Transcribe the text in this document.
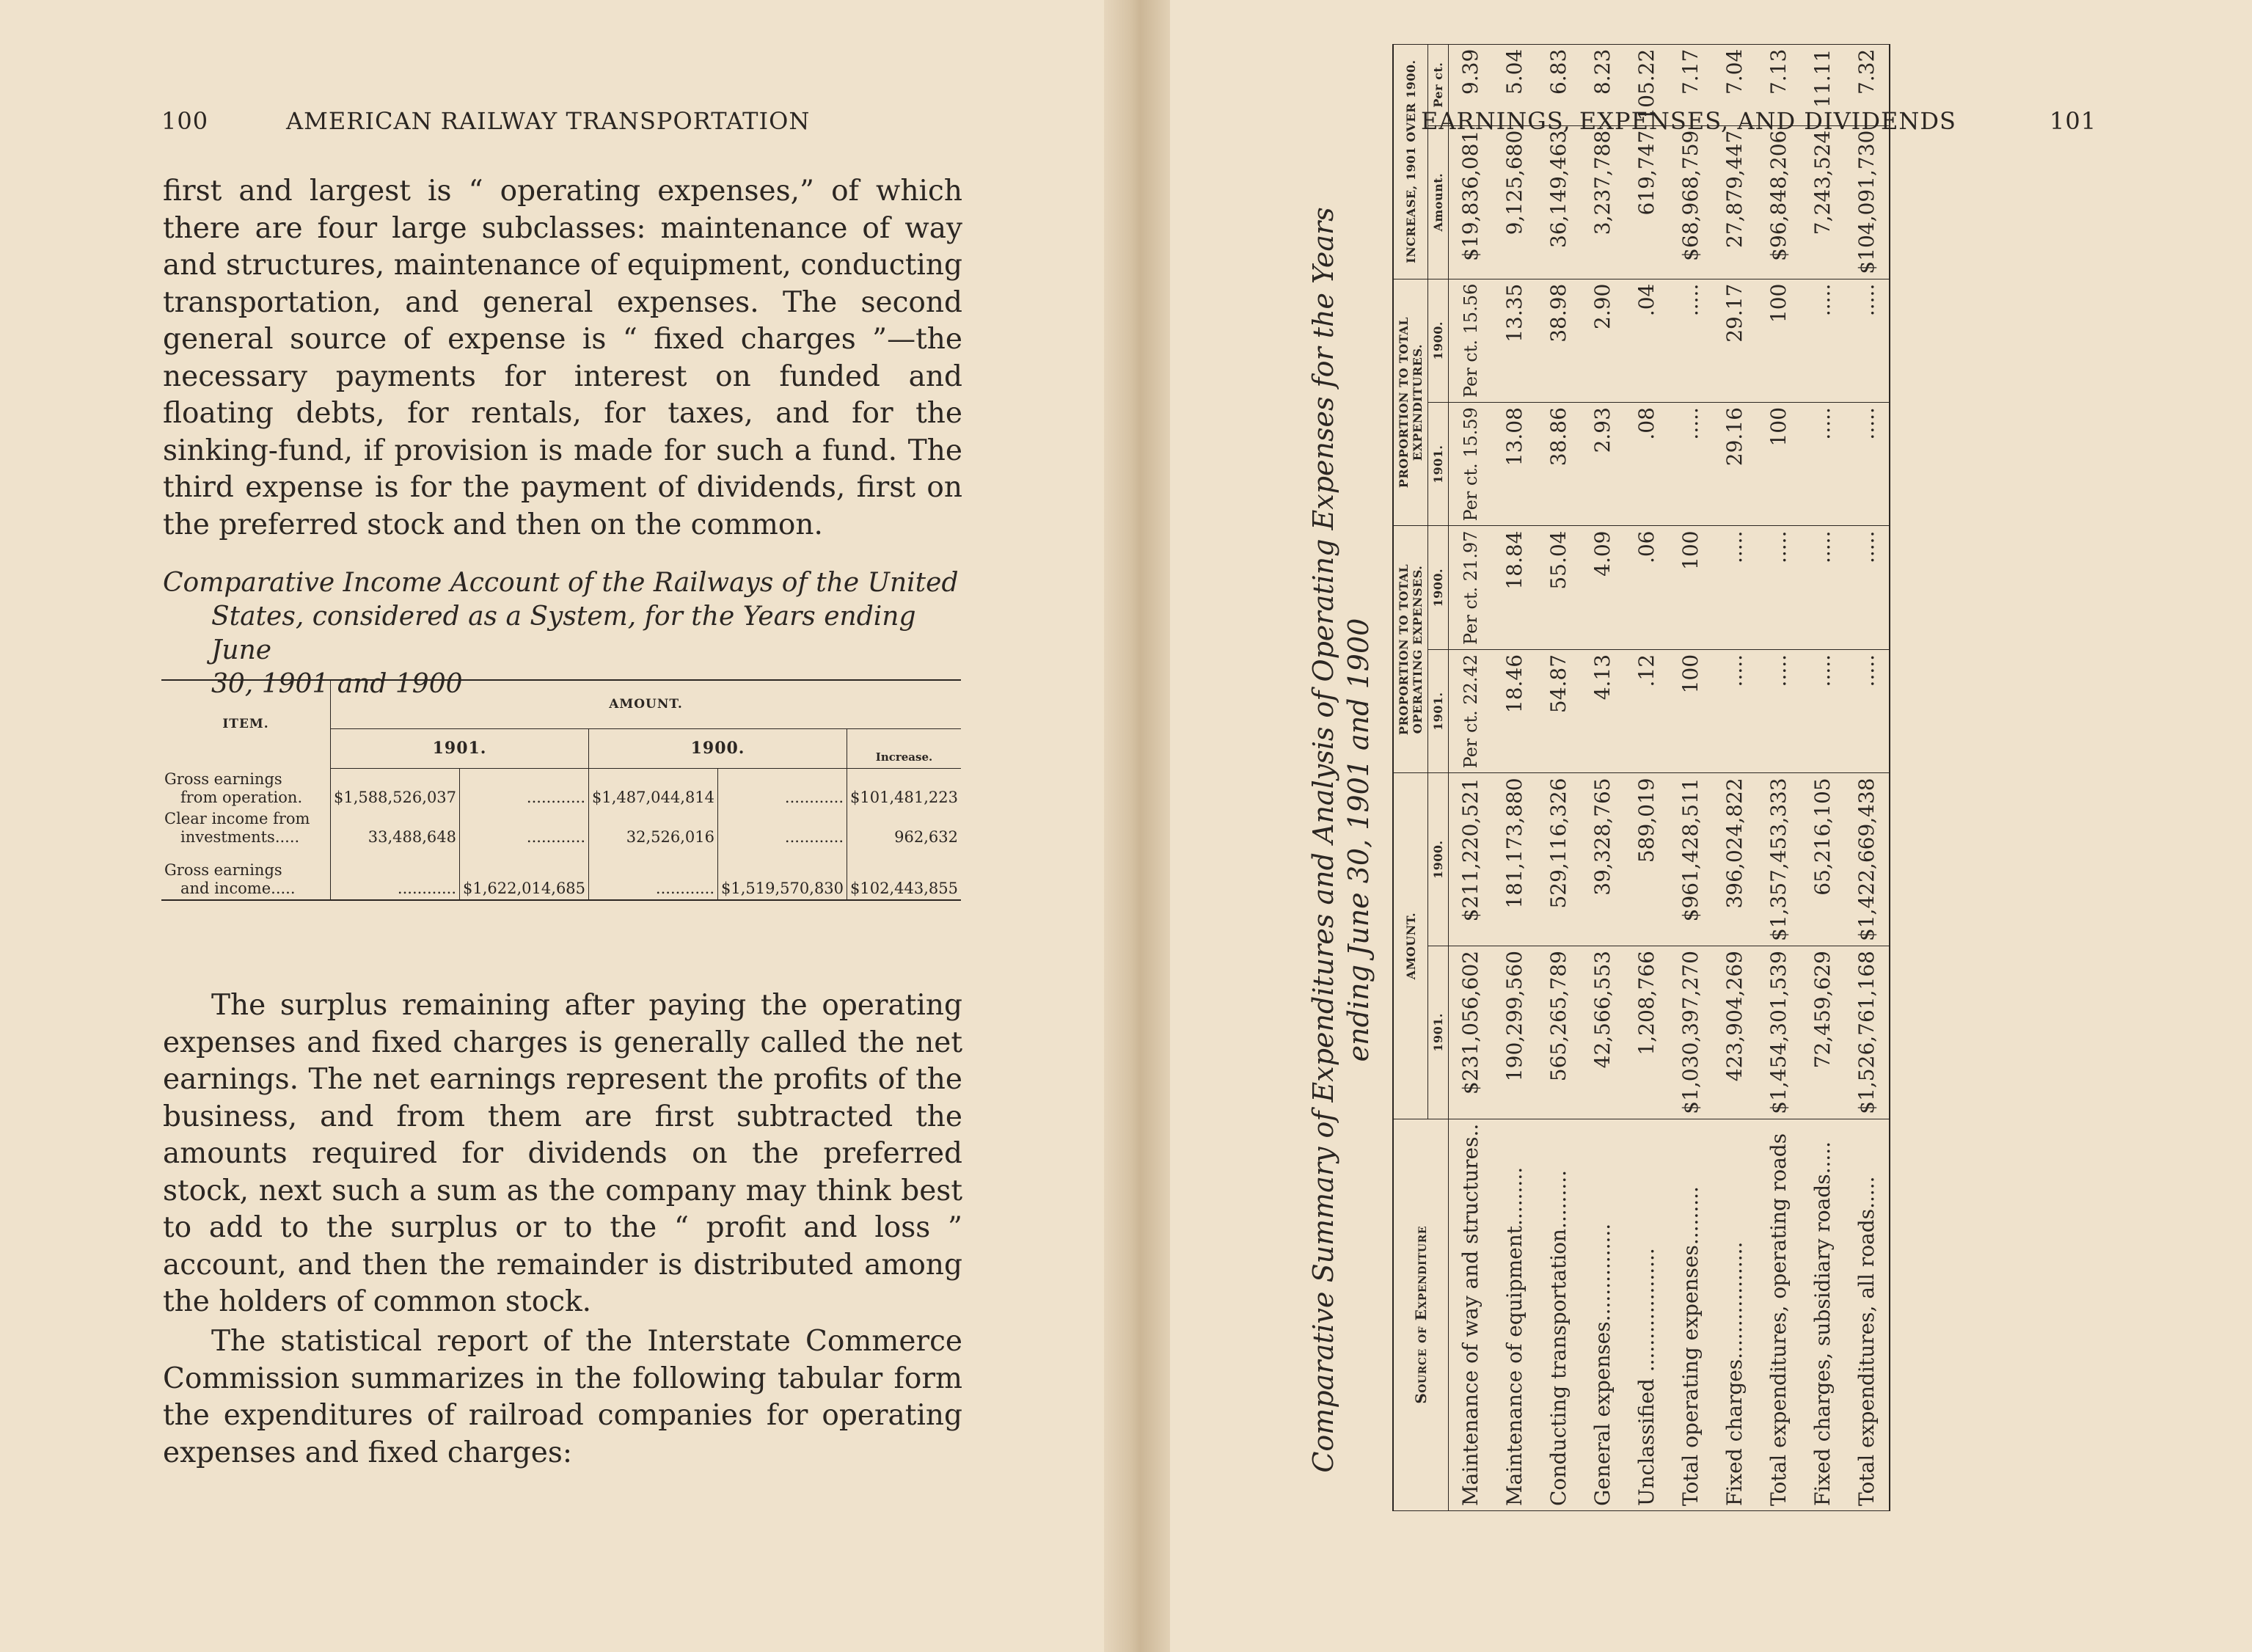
100	AMERICAN RAILWAY TRANSPORTATION
first and largest is “ operating expenses,” of which there are four large subclasses: maintenance of way and structures, maintenance of equipment, conducting transportation, and general expenses. The second general source of expense is “ fixed charges ”—the necessary payments for interest on funded and floating debts, for rentals, for taxes, and for the sinking-fund, if provision is made for such a fund. The third expense is for the payment of dividends, first on the preferred stock and then on the common.
Comparative Income Account of the Railways of the United
States, considered as a System, for the Years ending June
30, 1901 and 1900
ITEM.	AMOUNT.				
	1901.		1900.		Increase.
Gross earnings
from operation.	$1,588,526,037	............	$1,487,044,814	............	$101,481,223
Clear income from
investments.....	33,488,648	............	32,526,016	............	962,632
Gross earnings
and income.....	............	$1,622,014,685	............	$1,519,570,830	$102,443,855
The surplus remaining after paying the operating expenses and fixed charges is generally called the net earnings. The net earnings represent the profits of the business, and from them are first subtracted the amounts required for dividends on the preferred stock, next such a sum as the company may think best to add to the surplus or to the “ profit and loss ” account, and then the remainder is distributed among the holders of common stock.
The statistical report of the Interstate Commerce Commission summarizes in the following tabular form the expenditures of railroad companies for operating expenses and fixed charges:
EARNINGS, EXPENSES, AND DIVIDENDS	101
Comparative Summary of Expenditures and Analysis of Operating Expenses for the Years ending June 30, 1901 and 1900
Source of Expenditure	AMOUNT.		PROPORTION TO TOTAL OPERATING EXPENSES.		PROPORTION TO TOTAL EXPENDITURES.		INCREASE, 1901 OVER 1900.	
	1901.	1900.	1901.	1900.	1901.	1900.	Amount.	Per ct.
Maintenance of way and structures..	$231,056,602	$211,220,521	Per ct. 22.42	Per ct. 21.97	Per ct. 15.59	Per ct. 15.56	$19,836,081	9.39
Maintenance of equipment.........	190,299,560	181,173,880	18.46	18.84	13.08	13.35	9,125,680	5.04
Conducting transportation.........	565,265,789	529,116,326	54.87	55.04	38.86	38.98	36,149,463	6.83
General expenses...............	42,566,553	39,328,765	4.13	4.09	2.93	2.90	3,237,788	8.23
Unclassified ...................	1,208,766	589,019	.12	.06	.08	.04	619,747	105.22
Total operating expenses.........	$1,030,397,270	$961,428,511	100	100	.....	.....	$68,968,759	7.17
Fixed charges..................	423,904,269	396,024,822	.....	.....	29.16	29.17	27,879,447	7.04
Total expenditures, operating roads	$1,454,301,539	$1,357,453,333	.....	.....	100	100	$96,848,206	7.13
Fixed charges, subsidiary roads.....	72,459,629	65,216,105	.....	.....	.....	.....	7,243,524	11.11
Total expenditures, all roads.....	$1,526,761,168	$1,422,669,438	.....	.....	.....	.....	$104,091,730	7.32
